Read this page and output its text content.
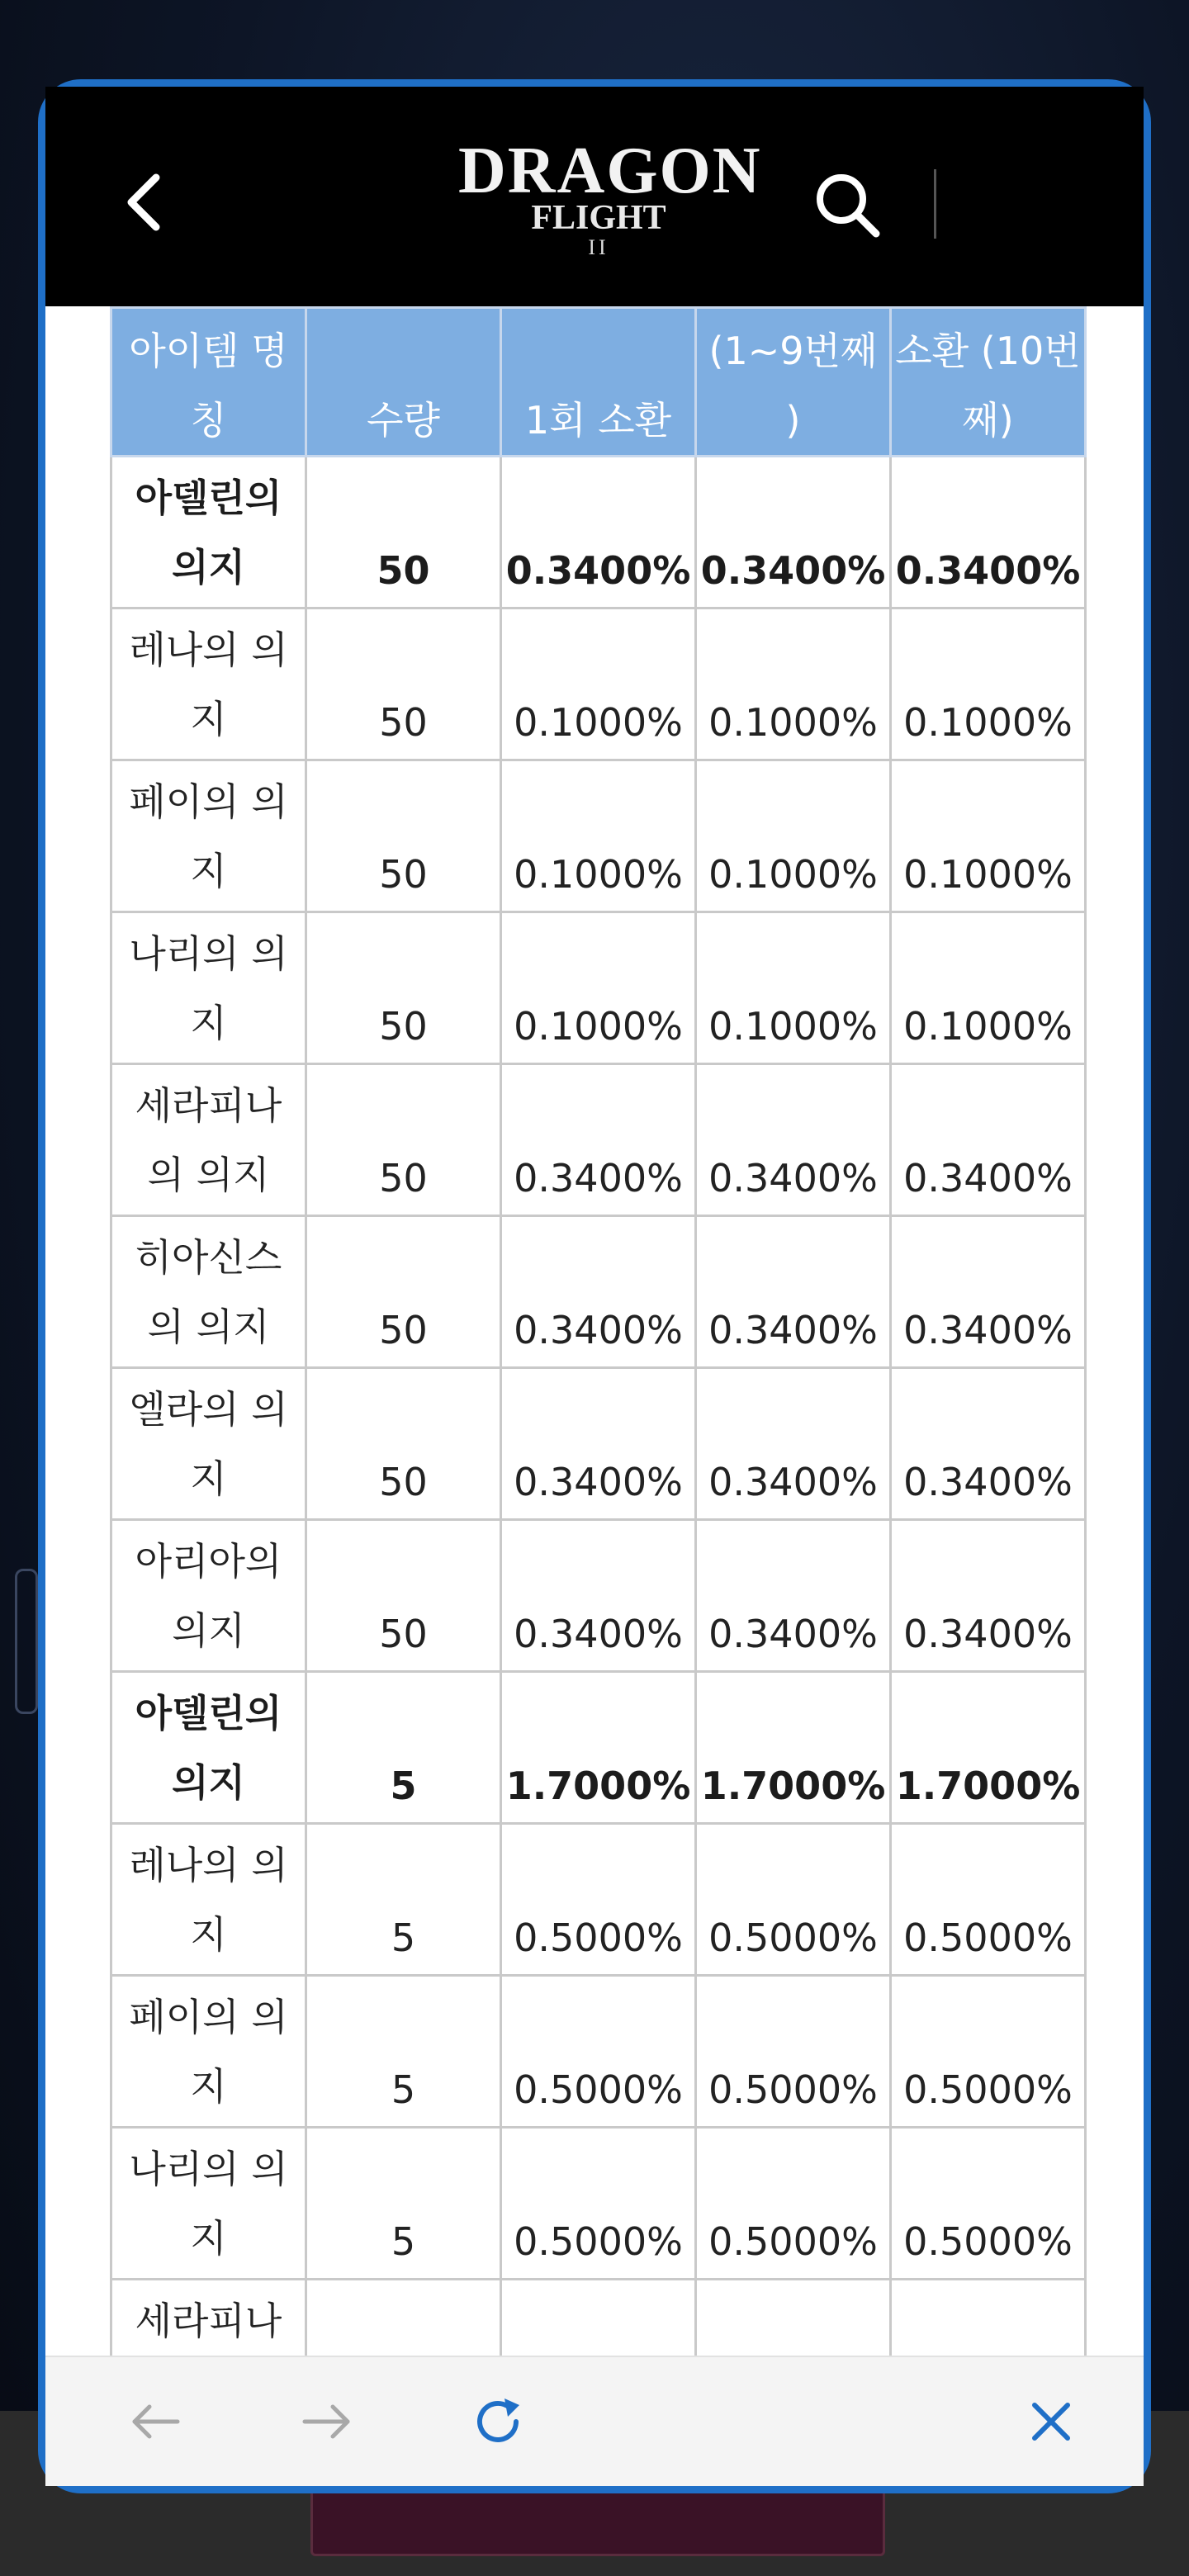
DRAGON
FLIGHT
II
아이템 명칭	수량	1회 소환	(1~9번째 )	소환 (10번째)
아델린의 의지	50	0.3400%	0.3400%	0.3400%
레나의 의지	50	0.1000%	0.1000%	0.1000%
페이의 의지	50	0.1000%	0.1000%	0.1000%
나리의 의지	50	0.1000%	0.1000%	0.1000%
세라피나 의 의지	50	0.3400%	0.3400%	0.3400%
히아신스 의 의지	50	0.3400%	0.3400%	0.3400%
엘라의 의지	50	0.3400%	0.3400%	0.3400%
아리아의 의지	50	0.3400%	0.3400%	0.3400%
아델린의 의지	5	1.7000%	1.7000%	1.7000%
레나의 의지	5	0.5000%	0.5000%	0.5000%
페이의 의지	5	0.5000%	0.5000%	0.5000%
나리의 의지	5	0.5000%	0.5000%	0.5000%
세라피나				
